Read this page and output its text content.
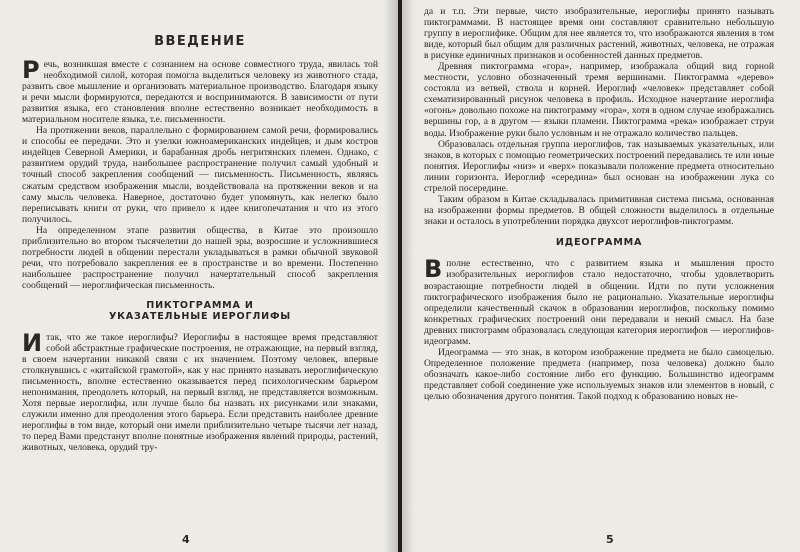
ВВЕДЕНИЕ

Речь, возникшая вместе с сознанием на основе совместного труда, явилась той необходимой силой, которая помогла выделиться человеку из животного стада, развить свое мышление и организовать материальное производство. Благодаря языку и речи мысли формируются, передаются и воспринимаются. В зависимости от пути развития языка, его становления вполне естественно возникает необходимость в материальном носителе языка, т.е. письменности.

На протяжении веков, параллельно с формированием самой речи, формировались и способы ее передачи. Это и узелки южноамериканских индейцев, и дым костров индейцев Северной Америки, и барабанная дробь негритянских племен. Однако, с развитием орудий труда, наибольшее распространение получил самый удобный и точный способ закрепления сообщений — письменность. Письменность, являясь сжатым средством изображения мысли, воздействовала на протяжении веков и на саму мысль человека. Наверное, достаточно будет упомянуть, как нелегко было переписывать книги от руки, что привело к идее книгопечатания и что из этого получилось.

На определенном этапе развития общества, в Китае это произошло приблизительно во втором тысячелетии до нашей эры, возросшие и усложнившиеся потребности людей в общении перестали укладываться в рамки обычной звуковой речи, что потребовало закрепления ее в пространстве и во времени. Постепенно наибольшее распространение получил начертательный способ закрепления сообщений — иероглифическая письменность.

ПИКТОГРАММА И
УКАЗАТЕЛЬНЫЕ ИЕРОГЛИФЫ

Итак, что же такое иероглифы? Иероглифы в настоящее время представляют собой абстрактные графические построения, не отражающие, на первый взгляд, в своем начертании никакой связи с их значением. Поэтому человек, впервые столкнувшись с «китайской грамотой», как у нас принято называть иероглифическую письменность, вполне естественно оказывается перед психологическим барьером непонимания, преодолеть который, на первый взгляд, не представляется возможным. Хотя первые иероглифы, или лучше было бы назвать их рисунками или знаками, служили именно для преодоления этого барьера. Если представить наиболее древние иероглифы в том виде, который они имели приблизительно четыре тысячи лет назад, то перед Вами предстанут вполне понятные изображения явлений природы, растений, животных, человека, орудий тру-

4

да и т.п. Эти первые, чисто изобразительные, иероглифы принято называть пиктограммами. В настоящее время они составляют сравнительно небольшую группу в иероглифике. Общим для нее является то, что изображаются явления в том виде, который был общим для различных растений, животных, человека, не отражая в рисунке единичных признаков и особенностей данных предметов.

Древняя пиктограмма «гора», например, изображала общий вид горной местности, условно обозначенный тремя вершинами. Пиктограмма «дерево» состояла из ветвей, ствола и корней. Иероглиф «человек» представляет собой схематизированный рисунок человека в профиль. Исходное начертание иероглифа «огонь» довольно похоже на пиктограмму «гора», хотя в одном случае изображались вершины гор, а в другом — языки пламени. Пиктограмма «река» изображает струи воды. Изображение руки было условным и не отражало количество пальцев.

Образовалась отдельная группа иероглифов, так называемых указательных, или знаков, в которых с помощью геометрических построений передавались те или иные понятия. Иероглифы «низ» и «верх» показывали положение предмета относительно линии горизонта. Иероглиф «середина» был основан на изображении лука со стрелой посередине.

Таким образом в Китае складывалась примитивная система письма, основанная на изображении формы предметов. В общей сложности выделилось в отдельные знаки и осталось в употреблении порядка двухсот иероглифов-пиктограмм.

ИДЕОГРАММА

Вполне естественно, что с развитием языка и мышления просто изобразительных иероглифов стало недостаточно, чтобы удовлетворить возрастающие потребности людей в общении. Идти по пути усложнения пиктографического изображения было не рационально. Указательные иероглифы определили качественный скачок в образовании иероглифов, поскольку помимо конкретных графических построений они передавали и некий смысл. На базе древних пиктограмм образовалась следующая категория иероглифов — иероглифов-идеограмм.

Идеограмма — это знак, в котором изображение предмета не было самоцелью. Определенное положение предмета (например, поза человека) должно было обозначать какое-либо состояние либо его функцию. Большинство идеограмм представляет собой соединение уже используемых знаков или элементов в новый, с целью обозначения другого понятия. Такой подход к образованию новых не-

5
